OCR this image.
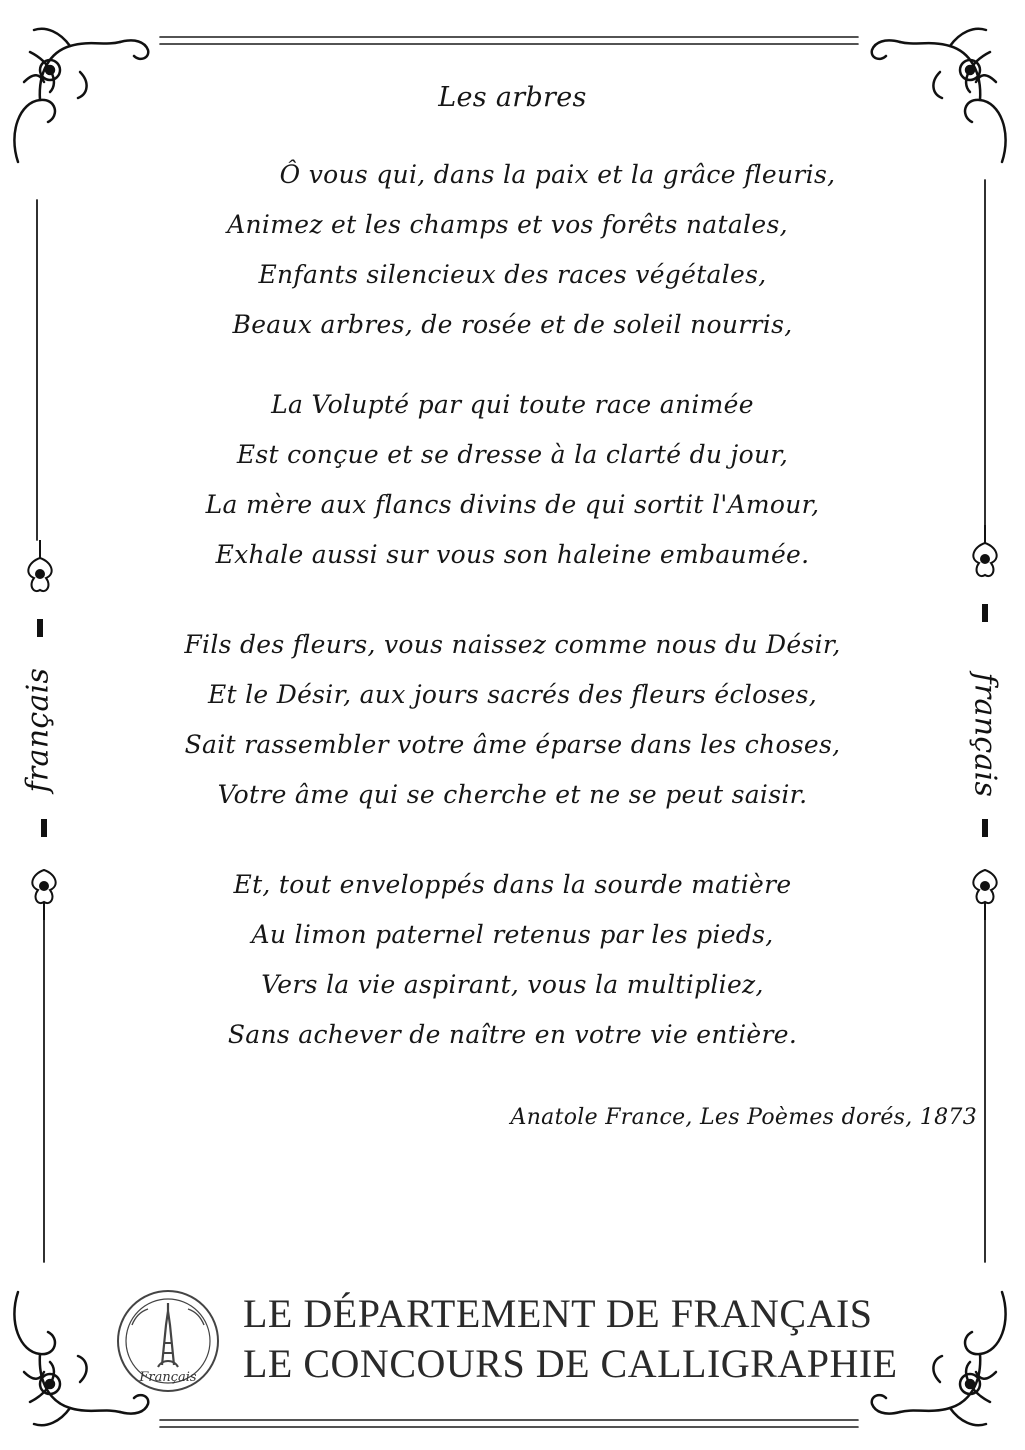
français	français
Les arbres
Ô vous qui, dans la paix et la grâce fleuris,
Animez et les champs et vos forêts natales,
Enfants silencieux des races végétales,
Beaux arbres, de rosée et de soleil nourris,
La Volupté par qui toute race animée
Est conçue et se dresse à la clarté du jour,
La mère aux flancs divins de qui sortit l'Amour,
Exhale aussi sur vous son haleine embaumée.
Fils des fleurs, vous naissez comme nous du Désir,
Et le Désir, aux jours sacrés des fleurs écloses,
Sait rassembler votre âme éparse dans les choses,
Votre âme qui se cherche et ne se peut saisir.
Et, tout enveloppés dans la sourde matière
Au limon paternel retenus par les pieds,
Vers la vie aspirant, vous la multipliez,
Sans achever de naître en votre vie entière.
Anatole France, Les Poèmes dorés, 1873
Français
LE DÉPARTEMENT DE FRANÇAIS
LE CONCOURS DE CALLIGRAPHIE
